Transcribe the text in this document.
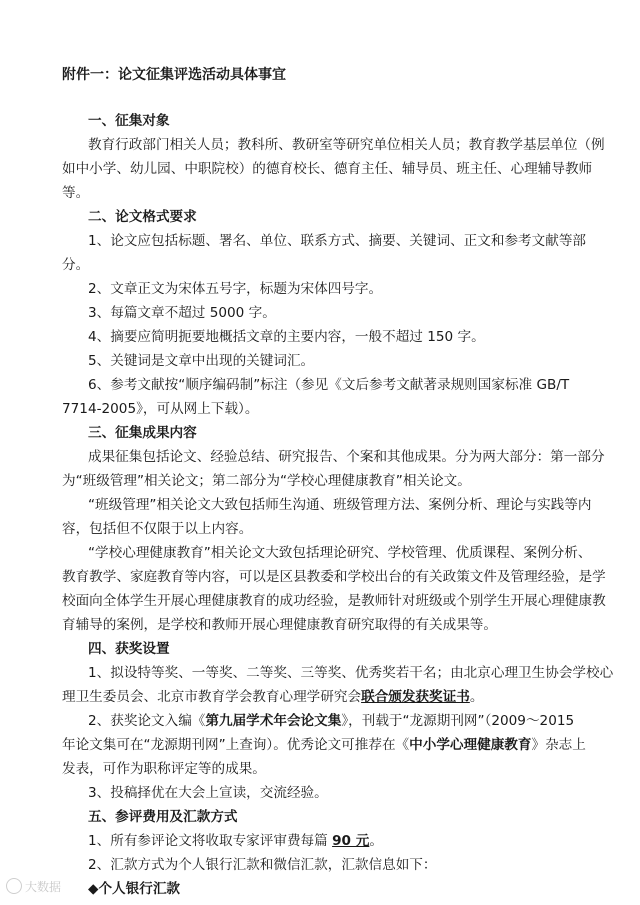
附件一：论文征集评选活动具体事宜
一、征集对象
教育行政部门相关人员；教科所、教研室等研究单位相关人员；教育教学基层单位（例
如中小学、幼儿园、中职院校）的德育校长、德育主任、辅导员、班主任、心理辅导教师
等。
二、论文格式要求
1、论文应包括标题、署名、单位、联系方式、摘要、关键词、正文和参考文献等部
分。
2、文章正文为宋体五号字，标题为宋体四号字。
3、每篇文章不超过 5000 字。
4、摘要应简明扼要地概括文章的主要内容，一般不超过 150 字。
5、关键词是文章中出现的关键词汇。
6、参考文献按“顺序编码制”标注（参见《文后参考文献著录规则国家标准 GB/T
7714-2005》，可从网上下载）。
三、征集成果内容
成果征集包括论文、经验总结、研究报告、个案和其他成果。分为两大部分：第一部分
为“班级管理”相关论文；第二部分为“学校心理健康教育”相关论文。
“班级管理”相关论文大致包括师生沟通、班级管理方法、案例分析、理论与实践等内
容，包括但不仅限于以上内容。
“学校心理健康教育”相关论文大致包括理论研究、学校管理、优质课程、案例分析、
教育教学、家庭教育等内容，可以是区县教委和学校出台的有关政策文件及管理经验，是学
校面向全体学生开展心理健康教育的成功经验，是教师针对班级或个别学生开展心理健康教
育辅导的案例，是学校和教师开展心理健康教育研究取得的有关成果等。
四、获奖设置
1、拟设特等奖、一等奖、二等奖、三等奖、优秀奖若干名；由北京心理卫生协会学校心
理卫生委员会、北京市教育学会教育心理学研究会联合颁发获奖证书。
2、获奖论文入编《第九届学术年会论文集》，刊载于“龙源期刊网”（2009～2015
年论文集可在“龙源期刊网”上查询）。优秀论文可推荐在《中小学心理健康教育》杂志上
发表，可作为职称评定等的成果。
3、投稿择优在大会上宣读，交流经验。
五、参评费用及汇款方式
1、所有参评论文将收取专家评审费每篇 90 元。
2、汇款方式为个人银行汇款和微信汇款，汇款信息如下：
◆个人银行汇款
大数据
